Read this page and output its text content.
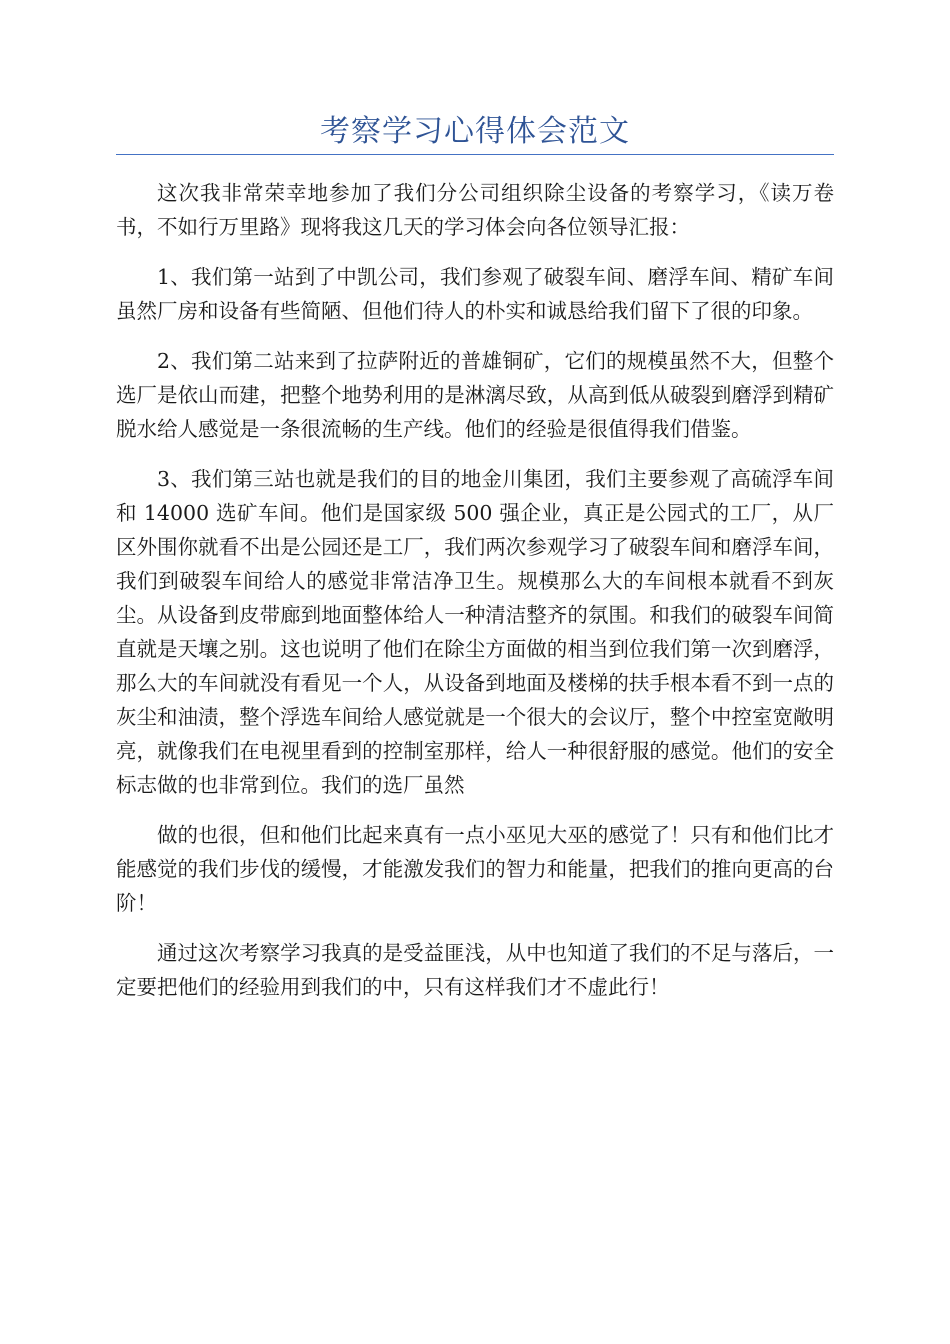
考察学习心得体会范文

这次我非常荣幸地参加了我们分公司组织除尘设备的考察学习，《读万卷书，不如行万里路》现将我这几天的学习体会向各位领导汇报：

1、我们第一站到了中凯公司，我们参观了破裂车间、磨浮车间、精矿车间虽然厂房和设备有些简陋、但他们待人的朴实和诚恳给我们留下了很的印象。

2、我们第二站来到了拉萨附近的普雄铜矿，它们的规模虽然不大，但整个选厂是依山而建，把整个地势利用的是淋漓尽致，从高到低从破裂到磨浮到精矿脱水给人感觉是一条很流畅的生产线。他们的经验是很值得我们借鉴。

3、我们第三站也就是我们的目的地金川集团，我们主要参观了高硫浮车间和 14000 选矿车间。他们是国家级 500 强企业，真正是公园式的工厂，从厂区外围你就看不出是公园还是工厂，我们两次参观学习了破裂车间和磨浮车间，我们到破裂车间给人的感觉非常洁净卫生。规模那么大的车间根本就看不到灰尘。从设备到皮带廊到地面整体给人一种清洁整齐的氛围。和我们的破裂车间简直就是天壤之别。这也说明了他们在除尘方面做的相当到位我们第一次到磨浮，那么大的车间就没有看见一个人，从设备到地面及楼梯的扶手根本看不到一点的灰尘和油渍，整个浮选车间给人感觉就是一个很大的会议厅，整个中控室宽敞明亮，就像我们在电视里看到的控制室那样，给人一种很舒服的感觉。他们的安全标志做的也非常到位。我们的选厂虽然

做的也很，但和他们比起来真有一点小巫见大巫的感觉了！只有和他们比才能感觉的我们步伐的缓慢，才能激发我们的智力和能量，把我们的推向更高的台阶！

通过这次考察学习我真的是受益匪浅，从中也知道了我们的不足与落后，一定要把他们的经验用到我们的中，只有这样我们才不虚此行！
